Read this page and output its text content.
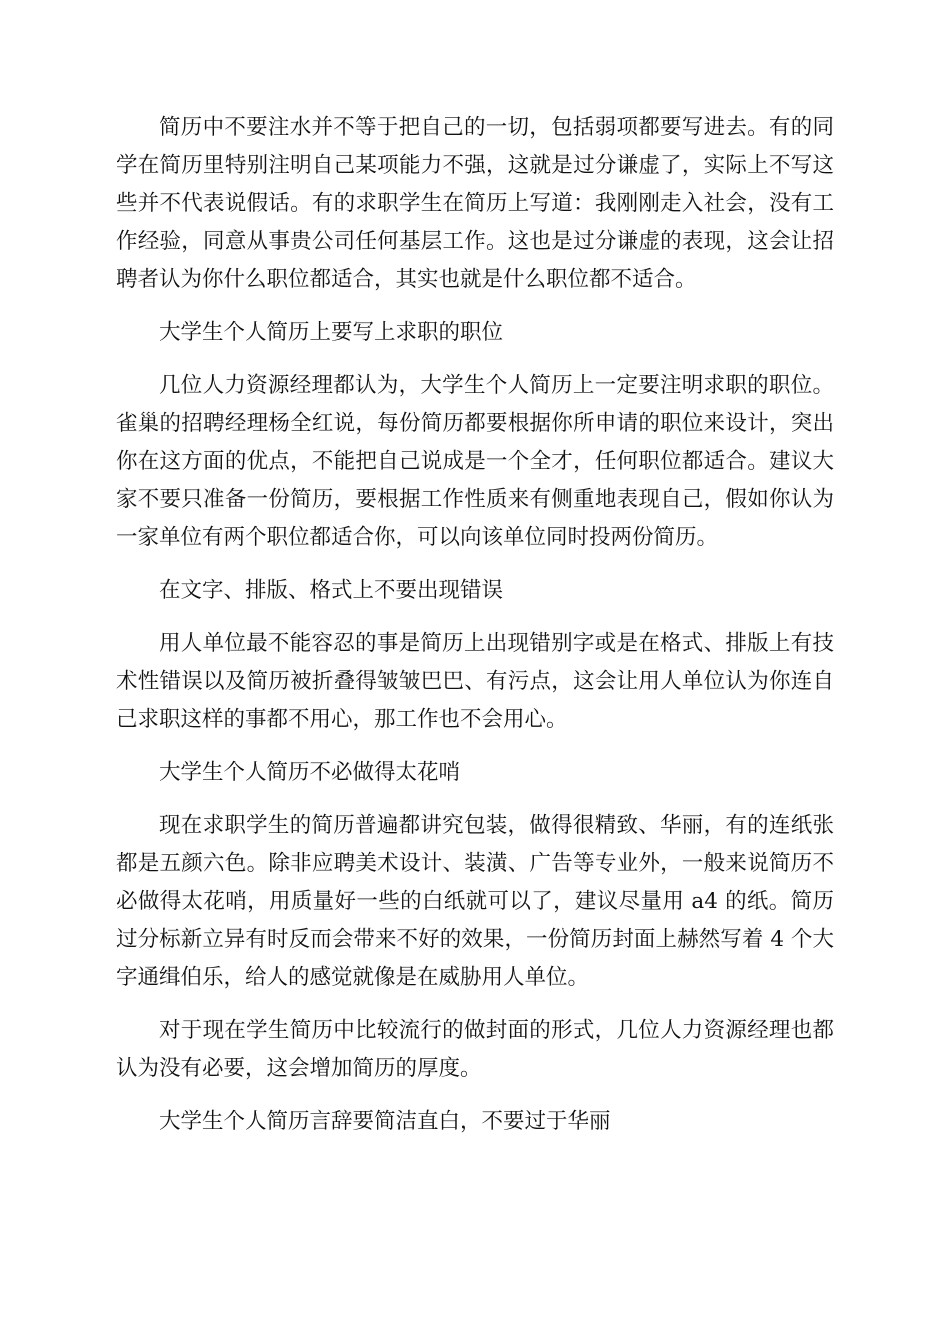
简历中不要注水并不等于把自己的一切，包括弱项都要写进去。有的同学在简历里特别注明自己某项能力不强，这就是过分谦虚了，实际上不写这些并不代表说假话。有的求职学生在简历上写道：我刚刚走入社会，没有工作经验，同意从事贵公司任何基层工作。这也是过分谦虚的表现，这会让招聘者认为你什么职位都适合，其实也就是什么职位都不适合。

大学生个人简历上要写上求职的职位

几位人力资源经理都认为，大学生个人简历上一定要注明求职的职位。雀巢的招聘经理杨全红说，每份简历都要根据你所申请的职位来设计，突出你在这方面的优点，不能把自己说成是一个全才，任何职位都适合。建议大家不要只准备一份简历，要根据工作性质来有侧重地表现自己，假如你认为一家单位有两个职位都适合你，可以向该单位同时投两份简历。

在文字、排版、格式上不要出现错误

用人单位最不能容忍的事是简历上出现错别字或是在格式、排版上有技术性错误以及简历被折叠得皱皱巴巴、有污点，这会让用人单位认为你连自己求职这样的事都不用心，那工作也不会用心。

大学生个人简历不必做得太花哨

现在求职学生的简历普遍都讲究包装，做得很精致、华丽，有的连纸张都是五颜六色。除非应聘美术设计、装潢、广告等专业外，一般来说简历不必做得太花哨，用质量好一些的白纸就可以了，建议尽量用 a4 的纸。简历过分标新立异有时反而会带来不好的效果，一份简历封面上赫然写着 4 个大字通缉伯乐，给人的感觉就像是在威胁用人单位。

对于现在学生简历中比较流行的做封面的形式，几位人力资源经理也都认为没有必要，这会增加简历的厚度。

大学生个人简历言辞要简洁直白，不要过于华丽
